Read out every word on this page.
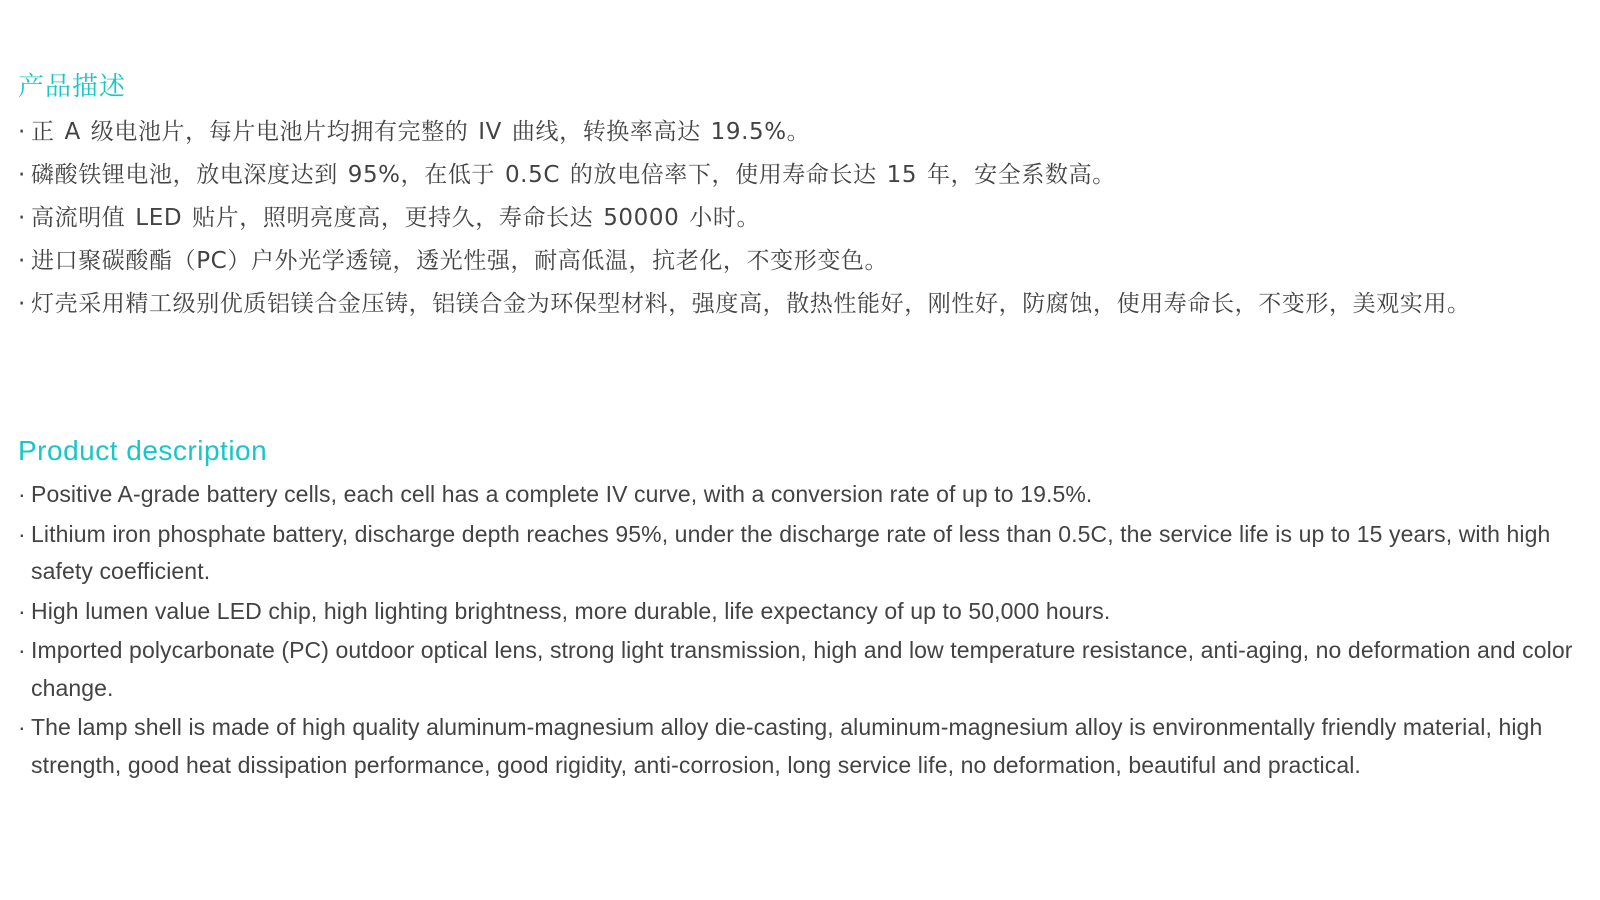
产品描述
· 正 A 级电池片，每片电池片均拥有完整的 IV 曲线，转换率高达 19.5%。
· 磷酸铁锂电池，放电深度达到 95%，在低于 0.5C 的放电倍率下，使用寿命长达 15 年，安全系数高。
· 高流明值 LED 贴片，照明亮度高，更持久，寿命长达 50000 小时。
· 进口聚碳酸酯（PC）户外光学透镜，透光性强，耐高低温，抗老化，不变形变色。
· 灯壳采用精工级别优质铝镁合金压铸，铝镁合金为环保型材料，强度高，散热性能好，刚性好，防腐蚀，使用寿命长，不变形，美观实用。
Product description
· Positive A-grade battery cells, each cell has a complete IV curve, with a conversion rate of up to 19.5%.
· Lithium iron phosphate battery, discharge depth reaches 95%, under the discharge rate of less than 0.5C, the service life is up to 15 years, with high safety coefficient.
· High lumen value LED chip, high lighting brightness, more durable, life expectancy of up to 50,000 hours.
· Imported polycarbonate (PC) outdoor optical lens, strong light transmission, high and low temperature resistance, anti-aging, no deformation and color change.
· The lamp shell is made of high quality aluminum-magnesium alloy die-casting, aluminum-magnesium alloy is environmentally friendly material, high strength, good heat dissipation performance, good rigidity, anti-corrosion, long service life, no deformation, beautiful and practical.
